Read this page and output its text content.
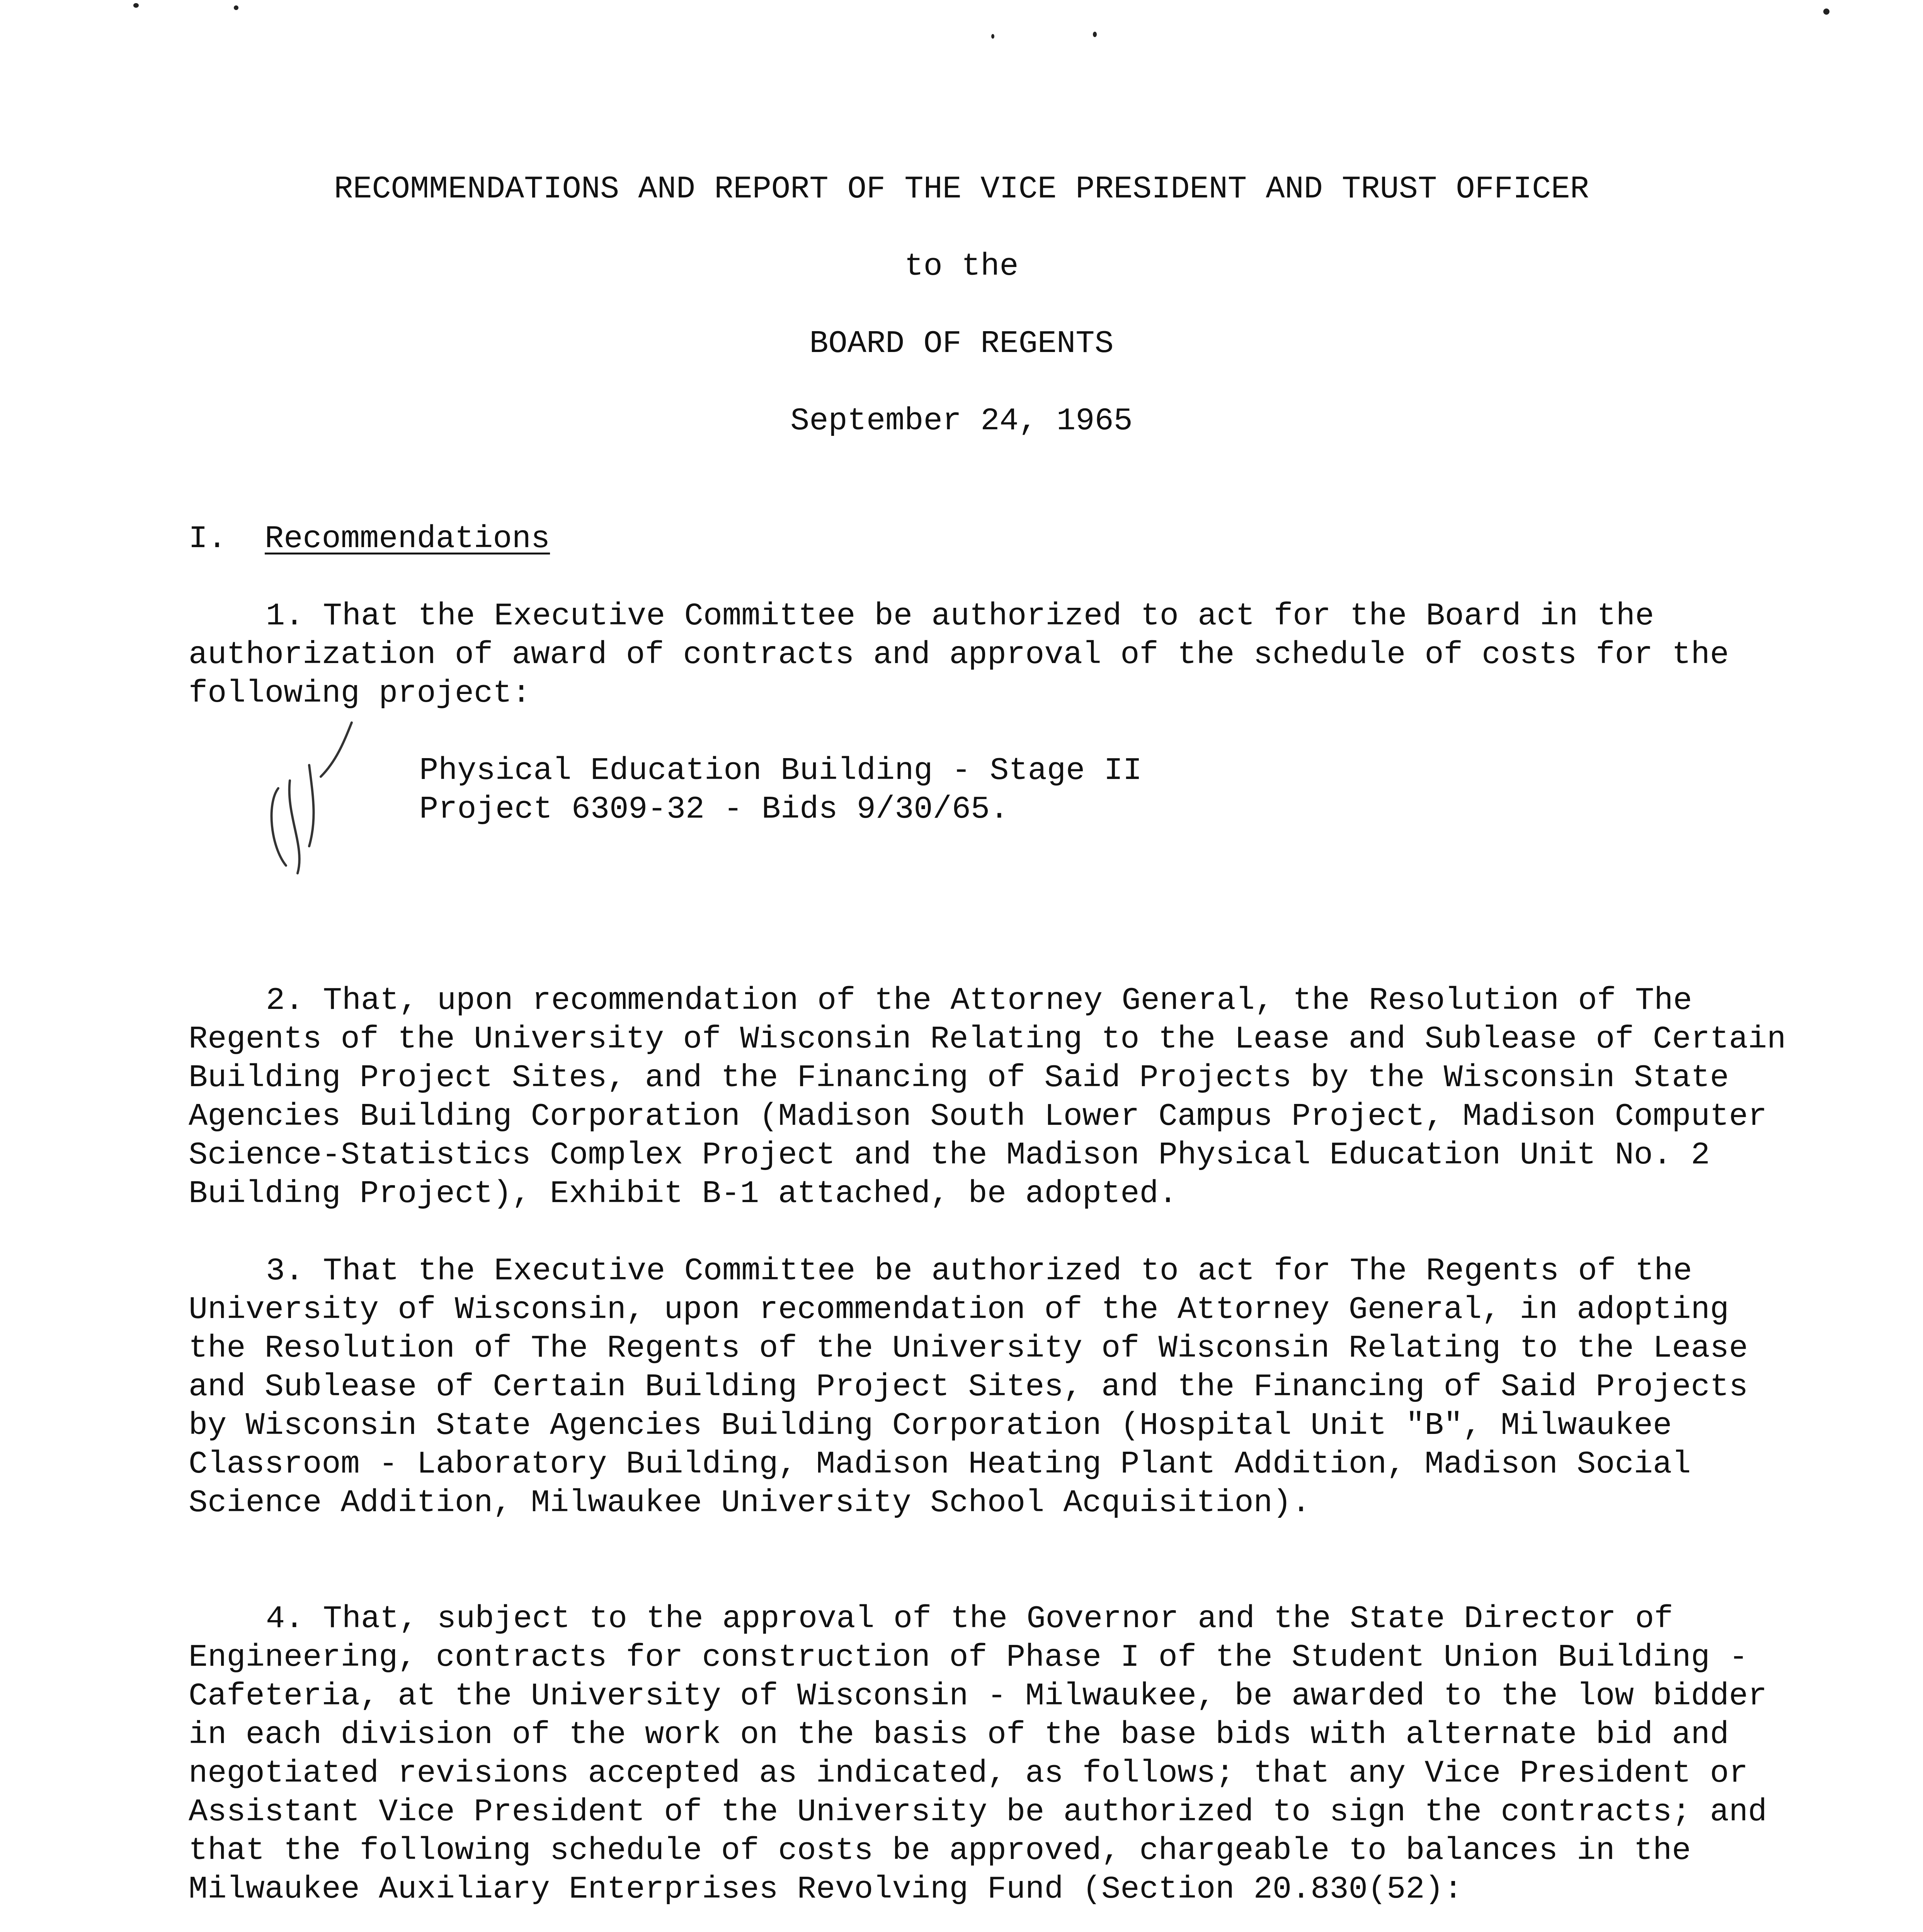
RECOMMENDATIONS AND REPORT OF THE VICE PRESIDENT AND TRUST OFFICER
to the
BOARD OF REGENTS
September 24, 1965
I. Recommendations

1. That the Executive Committee be authorized to act for the Board in the authorization of award of contracts and approval of the schedule of costs for the following project:

Physical Education Building - Stage II
Project 6309-32 - Bids 9/30/65.

2. That, upon recommendation of the Attorney General, the Resolution of The Regents of the University of Wisconsin Relating to the Lease and Sublease of Certain Building Project Sites, and the Financing of Said Projects by the Wisconsin State Agencies Building Corporation (Madison South Lower Campus Project, Madison Computer Science-Statistics Complex Project and the Madison Physical Education Unit No. 2 Building Project), Exhibit B-1 attached, be adopted.

3. That the Executive Committee be authorized to act for The Regents of the University of Wisconsin, upon recommendation of the Attorney General, in adopting the Resolution of The Regents of the University of Wisconsin Relating to the Lease and Sublease of Certain Building Project Sites, and the Financing of Said Projects by Wisconsin State Agencies Building Corporation (Hospital Unit "B", Milwaukee Classroom - Laboratory Building, Madison Heating Plant Addition, Madison Social Science Addition, Milwaukee University School Acquisition).

4. That, subject to the approval of the Governor and the State Director of Engineering, contracts for construction of Phase I of the Student Union Building - Cafeteria, at the University of Wisconsin - Milwaukee, be awarded to the low bidder in each division of the work on the basis of the base bids with alternate bid and negotiated revisions accepted as indicated, as follows; that any Vice President or Assistant Vice President of the University be authorized to sign the contracts; and that the following schedule of costs be approved, chargeable to balances in the Milwaukee Auxiliary Enterprises Revolving Fund (Section 20.830(52):
